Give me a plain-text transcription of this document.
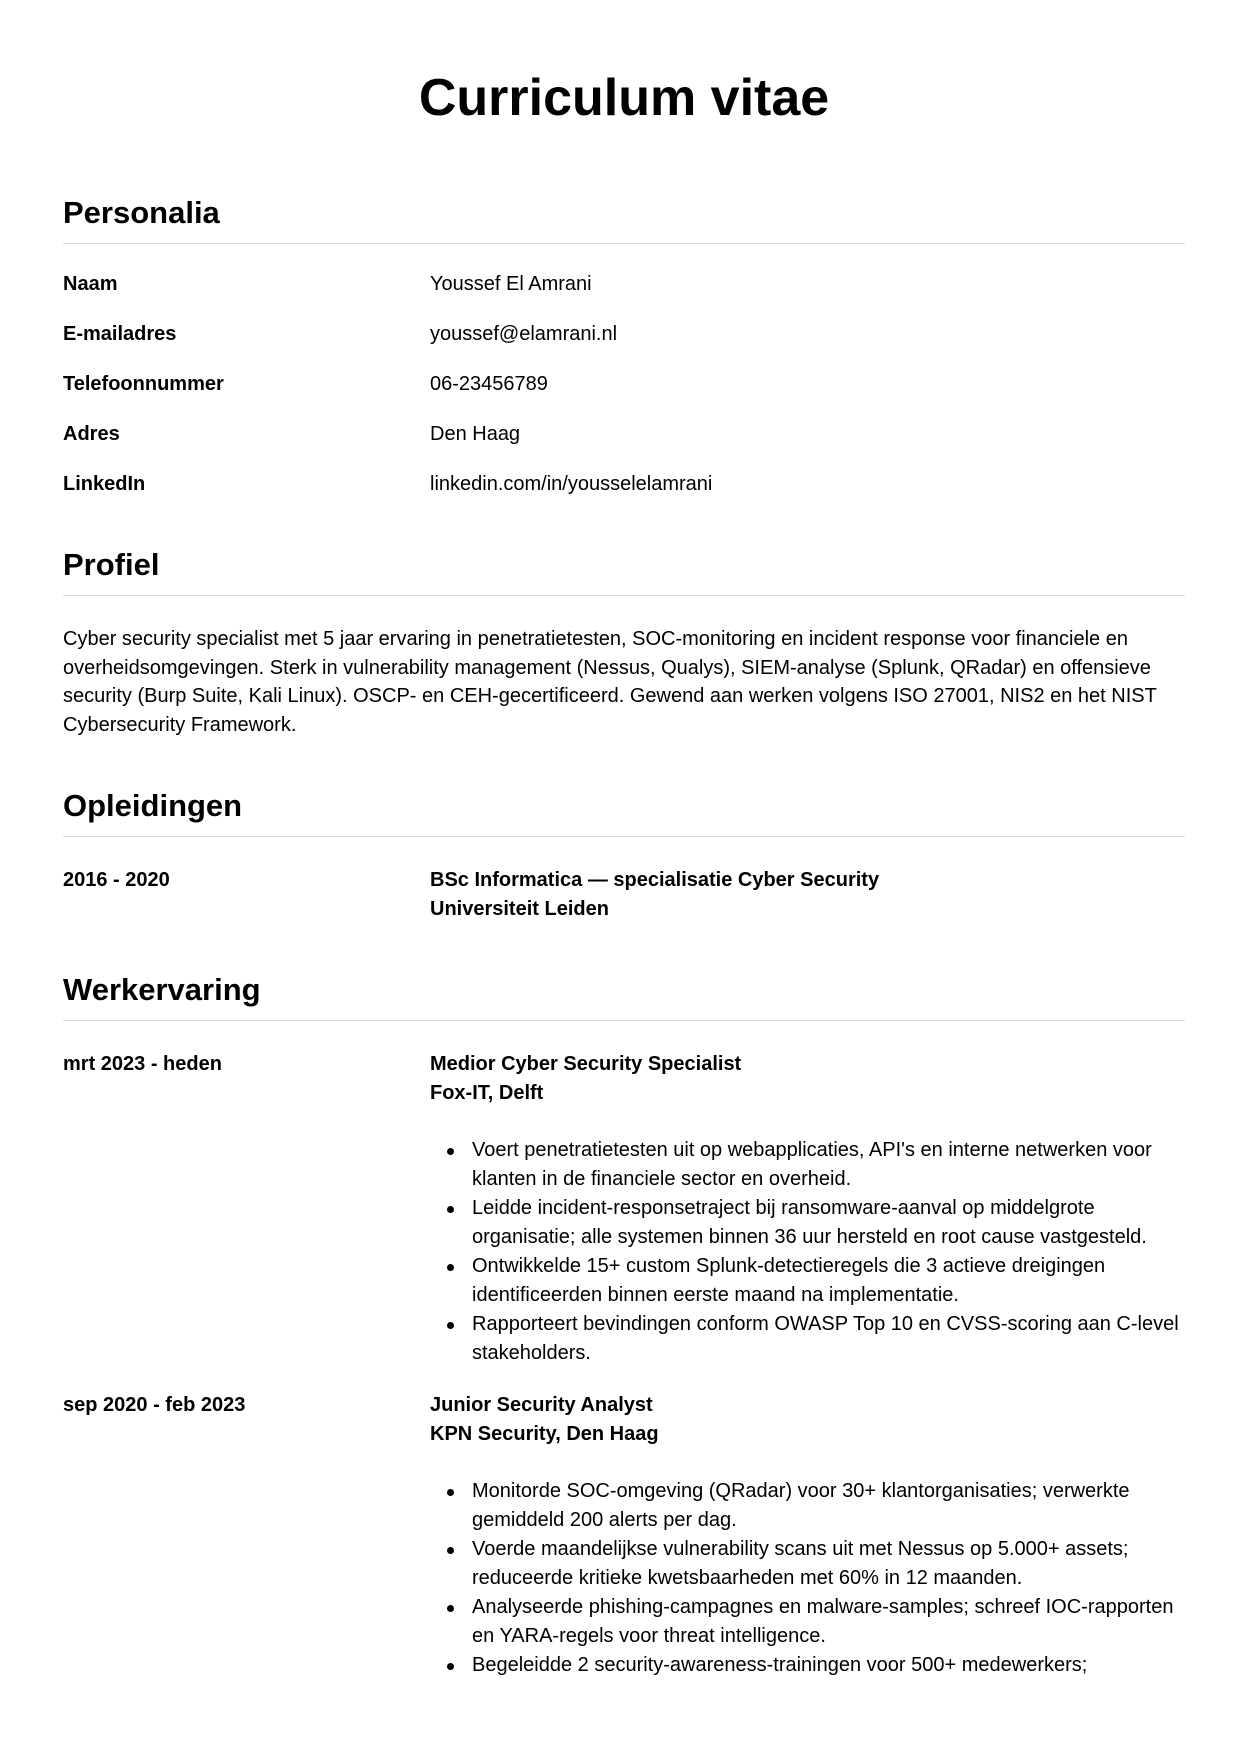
Curriculum vitae
Personalia
Naam	Youssef El Amrani
E-mailadres	youssef@elamrani.nl
Telefoonnummer	06-23456789
Adres	Den Haag
LinkedIn	linkedin.com/in/yousselelamrani
Profiel

Cyber security specialist met 5 jaar ervaring in penetratietesten, SOC-monitoring en incident response voor financiele en overheidsomgevingen. Sterk in vulnerability management (Nessus, Qualys), SIEM-analyse (Splunk, QRadar) en offensieve security (Burp Suite, Kali Linux). OSCP- en CEH-gecertificeerd. Gewend aan werken volgens ISO 27001, NIS2 en het NIST Cybersecurity Framework.

Opleidingen
2016 - 2020	BSc Informatica — specialisatie Cyber Security
Universiteit Leiden
Werkervaring
mrt 2023 - heden	Medior Cyber Security Specialist
Fox-IT, Delft
Voert penetratietesten uit op webapplicaties, API's en interne netwerken voor klanten in de financiele sector en overheid.
Leidde incident-responsetraject bij ransomware-aanval op middelgrote organisatie; alle systemen binnen 36 uur hersteld en root cause vastgesteld.
Ontwikkelde 15+ custom Splunk-detectieregels die 3 actieve dreigingen identificeerden binnen eerste maand na implementatie.
Rapporteert bevindingen conform OWASP Top 10 en CVSS-scoring aan C-level stakeholders.
sep 2020 - feb 2023	Junior Security Analyst
KPN Security, Den Haag
Monitorde SOC-omgeving (QRadar) voor 30+ klantorganisaties; verwerkte gemiddeld 200 alerts per dag.
Voerde maandelijkse vulnerability scans uit met Nessus op 5.000+ assets; reduceerde kritieke kwetsbaarheden met 60% in 12 maanden.
Analyseerde phishing-campagnes en malware-samples; schreef IOC-rapporten en YARA-regels voor threat intelligence.
Begeleidde 2 security-awareness-trainingen voor 500+ medewerkers;
